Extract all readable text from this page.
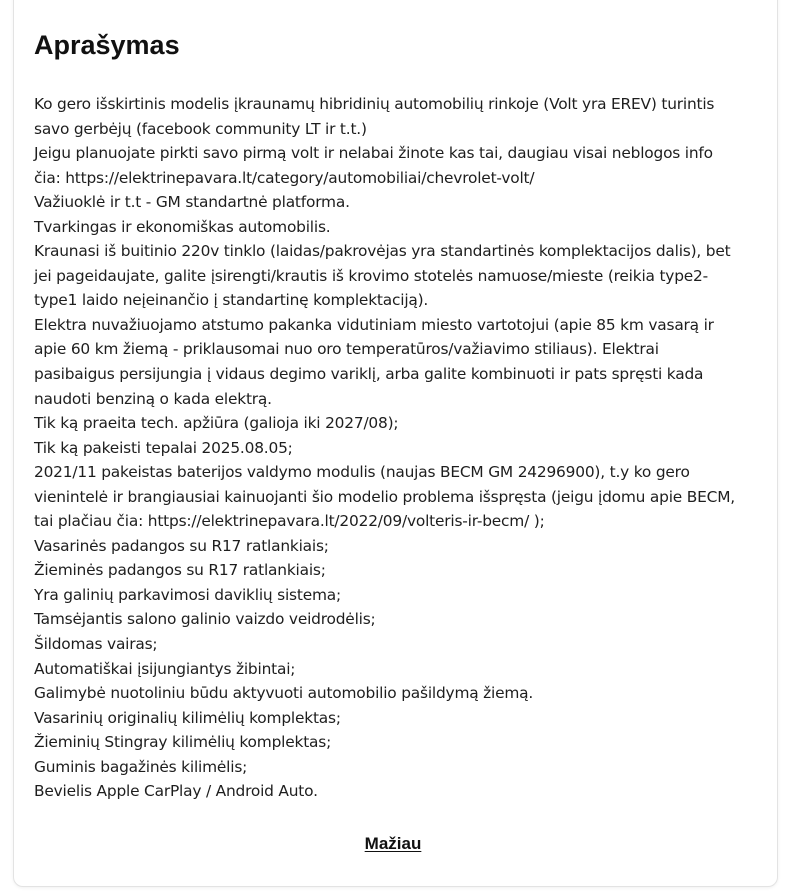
Aprašymas
Ko gero išskirtinis modelis įkraunamų hibridinių automobilių rinkoje (Volt yra EREV) turintis
savo gerbėjų (facebook community LT ir t.t.)
Jeigu planuojate pirkti savo pirmą volt ir nelabai žinote kas tai, daugiau visai neblogos info
čia: https://elektrinepavara.lt/category/automobiliai/chevrolet-volt/
Važiuoklė ir t.t - GM standartnė platforma.
Tvarkingas ir ekonomiškas automobilis.
Kraunasi iš buitinio 220v tinklo (laidas/pakrovėjas yra standartinės komplektacijos dalis), bet
jei pageidaujate, galite įsirengti/krautis iš krovimo stotelės namuose/mieste (reikia type2-
type1 laido neįeinančio į standartinę komplektaciją).
Elektra nuvažiuojamo atstumo pakanka vidutiniam miesto vartotojui (apie 85 km vasarą ir
apie 60 km žiemą - priklausomai nuo oro temperatūros/važiavimo stiliaus). Elektrai
pasibaigus persijungia į vidaus degimo variklį, arba galite kombinuoti ir pats spręsti kada
naudoti benziną o kada elektrą.
Tik ką praeita tech. apžiūra (galioja iki 2027/08);
Tik ką pakeisti tepalai 2025.08.05;
2021/11 pakeistas baterijos valdymo modulis (naujas BECM GM 24296900), t.y ko gero
vienintelė ir brangiausiai kainuojanti šio modelio problema išspręsta (jeigu įdomu apie BECM,
tai plačiau čia: https://elektrinepavara.lt/2022/09/volteris-ir-becm/ );
Vasarinės padangos su R17 ratlankiais;
Žieminės padangos su R17 ratlankiais;
Yra galinių parkavimosi daviklių sistema;
Tamsėjantis salono galinio vaizdo veidrodėlis;
Šildomas vairas;
Automatiškai įsijungiantys žibintai;
Galimybė nuotoliniu būdu aktyvuoti automobilio pašildymą žiemą.
Vasarinių originalių kilimėlių komplektas;
Žieminių Stingray kilimėlių komplektas;
Guminis bagažinės kilimėlis;
Bevielis Apple CarPlay / Android Auto.
Mažiau
